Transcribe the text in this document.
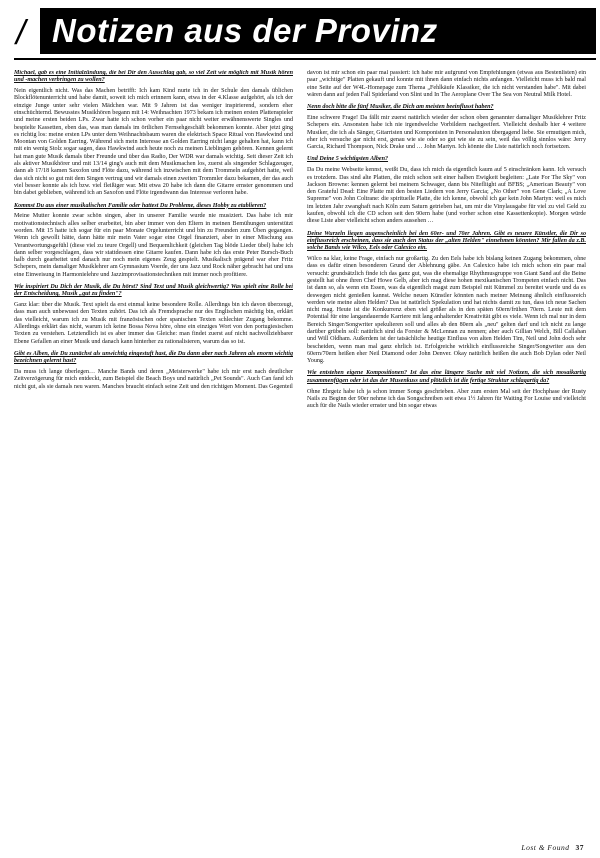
/ Notizen aus der Provinz

Michael, gab es eine Initialzündung, die bei Dir den Ausschlag gab, so viel Zeit wie möglich mit Musik hören und -machen verbringen zu wollen?

Nein eigentlich nicht. Was das Machen betrifft: Ich kam Kind nurte ich in der Schule den damals üblichen Blockflötenunterricht und habe damit, soweit ich mich erinnern kann, etwa in der 4.Klasse aufgehört, als ich der einzige Junge unter sehr vielen Mädchen war. Mit 9 Jahren ist das weniger inspirierend, sondern eher einschüchternd. Bewusstes Musikhören begann mit 14: Weihnachten 1973 bekam ich meinen ersten Plattenspieler und meine ersten beiden LPs. Zwar hatte ich schon vorher ein paar nicht weiter erwähnenswerte Singles und bespielte Kassetten, eben das, was man damals im örtlichen Fernsehgeschäft bekommen konnte. Aber jetzt ging es richtig los: meine ersten LPs unter dem Weihnachtsbaum waren die elektrisch Space Ritual von Hawkwind und Moontan von Golden Earring. Während sich mein Interesse an Golden Earring nicht lange gehalten hat, kann ich mit ein wenig Stolz sogar sagen, dass Hawkwind auch heute noch zu meinen Lieblingen gehören. Kennen gelernt hat man gute Musik damals über Freunde und über das Radio, Der WDR war damals wichtig. Seit dieser Zeit ich als aktiver Musikhörer und mit 13/14 ging's auch mit dem Musikmachen los, zuerst als singender Schlagzeuger, dann ab 17/18 kamen Saxofon und Flöte dazu, während ich inzwischen mit dem Trommeln aufgehört hatte, weil das sich nicht so gut mit dem Singen vertrug und wir damals einen zweiten Trommler dazu bekamen, der das auch viel besser konnte als ich bzw. viel fleißiger war. Mit etwa 20 habe ich dann die Gitarre ernster genommen und bin dabei geblieben, während ich an Saxofon und Flöte irgendwann das Interesse verloren habe.

Kommst Du aus einer musikalischen Familie oder hattest Du Probleme, dieses Hobby zu etablieren?

Meine Mutter konnte zwar schön singen, aber in unserer Familie wurde nie musiziert. Das habe ich mir motivationstechnisch alles selber erarbeitet, bin aber immer von den Eltern in meinen Bemühungen unterstützt worden. Mit 15 hatte ich sogar für ein paar Monate Orgelunterricht und bin zu Freunden zum Üben gegangen. Wenn ich gewollt hätte, dann hätte mir mein Vater sogar eine Orgel finanziert, aber in einer Mischung aus Verantwortungsgefühl (diese viel zu teure Orgell) und Bequemlichkeit (gleichen Tag blöde Lieder übel) habe ich dann selber vorgeschlagen, dass wir stattdessen eine Gitarre kaufen. Dann habe ich das erste Peter Bursch-Buch halb durch gearbeitet und danach nur noch mein eigenes Zeug gespielt. Musikalisch prägend war eher Fritz Schepers, mein damaliger Musiklehrer am Gymnasium Voerde, der uns Jazz und Rock näher gebracht hat und uns eine Einweisung in Harmonielehre und Jazzimprovisationstechniken mit immer noch profitiere.

Wie inspiriert Du Dich der Musik, die Du hörst? Sind Text und Musik gleichwertig? Was spielt eine Rolle bei der Entscheidung, Musik „gut zu finden"?

Ganz klar: über die Musik. Text spielt da erst einmal keine besondere Rolle. Allerdings bin ich davon überzeugt, dass man auch unbewusst den Texten zuhört. Das ich als Fremdsprache nur des Englischen mächtig bin, erklärt das vielleicht, warum ich zu Musik mit französischen oder spanischen Texten schlechter Zugang bekomme. Allerdings erklärt das nicht, warum ich keine Bossa Nova höre, ohne ein einziges Wort von den portugiesischen Texten zu verstehen. Letztendlich ist es aber immer das Gleiche: man findet zuerst auf nicht nachvollziehbarer Ebene Gefallen an einer Musik und danach kann hinterher zu rationalisieren, warum das so ist.

Gibt es Alben, die Du zunächst als unwichtig eingestuft hast, die Du dann aber nach Jahren als enorm wichtig bezeichnen gelernt hast?

Da muss ich lange überlegen… Manche Bands und deren „Meisterwerke" habe ich mir erst nach deutlicher Zeitverzögerung für mich entdeckt, zum Beispiel die Beach Boys und natürlich „Pet Sounds". Auch Can fand ich nicht gut, als sie damals neu waren. Manches braucht einfach seine Zeit und den richtigen Moment. Das Gegenteil

davon ist mir schon ein paar mal passiert: ich habe mir aufgrund von Empfehlungen (etwas aus Bestenlisten) ein paar „wichtige" Platten gekauft und konnte mit ihnen dann einfach nichts anfangen. Vielleicht muss ich bald mal eine Seite auf der W4L-Homepage zum Thema „Fehlkäufe Klassiker, die ich nicht verstanden habe". Mit dabei wären dann auf jeden Fall Spiderland von Slint und In The Aeroplane Over The Sea von Neutral Milk Hotel.

Nenn doch bitte die fünf Musiker, die Dich am meisten beeinflusst haben?

Eine schwere Frage! Da fällt mir zuerst natürlich wieder der schon oben genannter damaliger Musiklehrer Fritz Schepers ein. Ansonsten habe ich nie irgendwelche Vorbildern nachgeeifert. Vielleicht deshalb hier 4 weitere Musiker, die ich als Sänger, Gitarristen und Komponisten in Personalunion übergagend liebe. Sie ermutigen mich, eher ich versuche gar nicht erst, genau wie sie oder so gut wie sie zu sein, weil das völlig sinnlos wäre: Jerry Garcia, Richard Thompson, Nick Drake und … John Martyn. Ich könnte die Liste natürlich noch fortsetzen.

Und Deine 5 wichtigsten Alben?

Da Du meine Webseite kennst, weißt Du, dass ich mich da eigentlich kaum auf 5 einschränken kann. Ich versuch es trotzdem. Das sind alte Platten, die mich schon seit einer halben Ewigkeit begleiten: „Late For The Sky" von Jackson Browne: kennen gelernt bei meinem Schwager, dann bis Nitefliight auf BFBS; „American Beauty" von den Grateful Dead: Eine Platte mit den besten Liedern von Jerry Garcia; „No Other" von Gene Clark; „A Love Supreme" von John Coltrane: die spirituelle Platte, die ich kenne, obwohl ich gar kein John Martyn: weil es mich im letzten Jahr zwanghaft nach Köln zum Saturn getrieben hat, um mir die Vinylausgabe für viel zu viel Geld zu kaufen, obwohl ich die CD schon seit den 90ern habe (und vorher schon eine Kassettenkopie). Morgen würde diese Liste aber vielleicht schon anders aussehen …

Deine Wurzeln liegen augenscheinlich bei den 60er- und 70er Jahren. Gibt es neuere Künstler, die Dir so einflussreich erscheinen, dass sie auch den Status der „alten Helden" einnehmen könnten? Mir fallen da z.B. solche Bands wie Wilco, Eels oder Calexico ein.

Wilco na klar, keine Frage, einfach nur großartig. Zu den Eels habe ich bislang keinen Zugang bekommen, ohne dass es dafür einen besonderen Grund der Ablehnung gäbe. An Calexico habe ich mich schon ein paar mal versucht: grundsätzlich finde ich das ganz gut, was die ehemalige Rhythmusgruppe von Giant Sand auf die Beine gestellt hat ohne ihren Chef Howe Gelb, aber ich mag diese hohen mexikanischen Trompeten einfach nicht. Das ist dann so, als wenn ein Essen, was da eigentlich magst zum Beispiel mit Kümmel zu bereitet wurde und da es deswegen nicht genießen kannst. Welche neuen Künstler könnten nach meiner Meinung ähnlich einflussreich werden wie meine alten Helden? Das ist natürlich Spekulation und hat nichts damit zu tun, dass ich neue Sachen nicht mag. Heute ist die Konkurrenz eben viel größer als in den späten 60ern/frühen 70ern. Leute mit dem Potential für eine langandauernde Karriere mit lang anhaltender Kreativität gibt es viele. Wenn ich mal nur in dem Bereich Singer/Songwriter spekulieren soll und alles ab den 80ern als „neu" gelten darf und ich nicht zu lange darüber grübeln soll: natürlich sind da Forster & McLennan zu nennen; aber auch Gillian Welch, Bill Callahan und Will Oldham. Außerdem ist der tatsächliche heutige Einfluss von alten Helden Tim, Neil und John doch sehr bescheiden, wenn man mal ganz ehrlich ist. Erfolgreiche wirklich einflussreiche Singer/Songwriter aus den 60ern/70ern heißen eher Neil Diamond oder John Denver. Okay natürlich heißen die auch Bob Dylan oder Neil Young.

Wie entstehen eigene Kompositionen? Ist das eine längere Suche mit viel Notizen, die sich mosaikartig zusammenfügen oder ist das der Musenkuss und plötzlich ist die fertige Struktur schlagartig da?

Ohne Ehrgeiz habe ich ja schon immer Songs geschrieben. Aber zum ersten Mal seit der Hochphase der Rusty Nails zu Beginn der 90er nehme ich das Songschreiben seit etwa 1½ Jahren für Waiting For Louise und vielleicht auch für die Nails wieder ernster und bin sogar etwas

Lost & Found 37
